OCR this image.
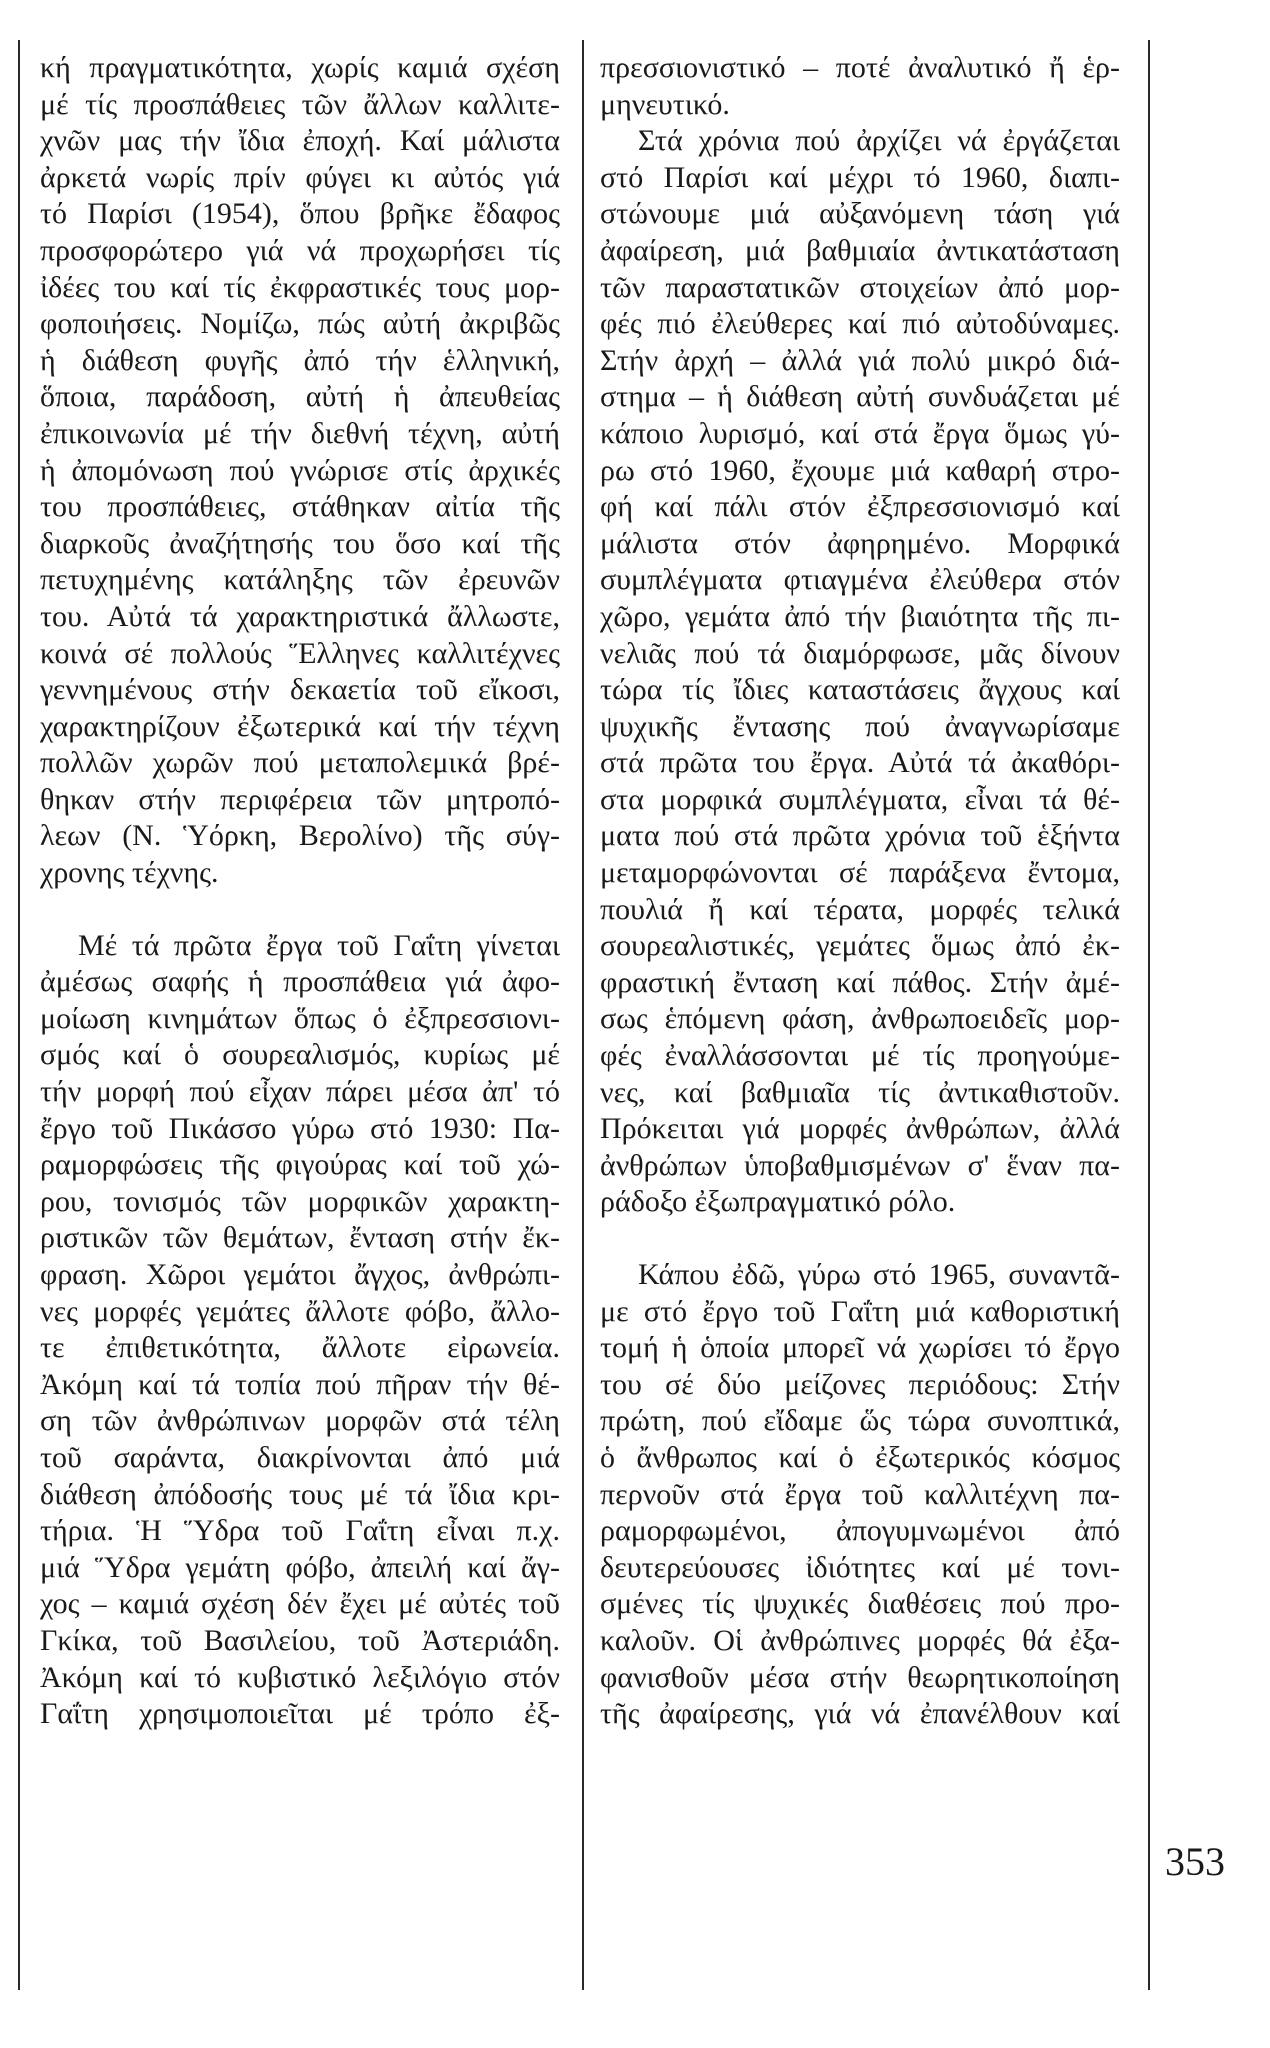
κή πραγματικότητα, χωρίς καμιά σχέση
μέ τίς προσπάθειες τῶν ἄλλων καλλιτε-
χνῶν μας τήν ἴδια ἐποχή. Καί μάλιστα
ἀρκετά νωρίς πρίν φύγει κι αὐτός γιά
τό Παρίσι (1954), ὅπου βρῆκε ἔδαφος
προσφορώτερο γιά νά προχωρήσει τίς
ἰδέες του καί τίς ἐκφραστικές τους μορ-
φοποιήσεις. Νομίζω, πώς αὐτή ἀκριβῶς
ἡ διάθεση φυγῆς ἀπό τήν ἑλληνική,
ὅποια, παράδοση, αὐτή ἡ ἀπευθείας
ἐπικοινωνία μέ τήν διεθνή τέχνη, αὐτή
ἡ ἀπομόνωση πού γνώρισε στίς ἀρχικές
του προσπάθειες, στάθηκαν αἰτία τῆς
διαρκοῦς ἀναζήτησής του ὅσο καί τῆς
πετυχημένης κατάληξης τῶν ἐρευνῶν
του. Αὐτά τά χαρακτηριστικά ἄλλωστε,
κοινά σέ πολλούς Ἕλληνες καλλιτέχνες
γεννημένους στήν δεκαετία τοῦ εἴκοσι,
χαρακτηρίζουν ἐξωτερικά καί τήν τέχνη
πολλῶν χωρῶν πού μεταπολεμικά βρέ-
θηκαν στήν περιφέρεια τῶν μητροπό-
λεων (Ν. Ὑόρκη, Βερολίνο) τῆς σύγ-
χρονης τέχνης.
Μέ τά πρῶτα ἔργα τοῦ Γαΐτη γίνεται
ἀμέσως σαφής ἡ προσπάθεια γιά ἀφο-
μοίωση κινημάτων ὅπως ὁ ἐξπρεσσιονι-
σμός καί ὁ σουρεαλισμός, κυρίως μέ
τήν μορφή πού εἶχαν πάρει μέσα ἀπ' τό
ἔργο τοῦ Πικάσσο γύρω στό 1930: Πα-
ραμορφώσεις τῆς φιγούρας καί τοῦ χώ-
ρου, τονισμός τῶν μορφικῶν χαρακτη-
ριστικῶν τῶν θεμάτων, ἔνταση στήν ἔκ-
φραση. Χῶροι γεμάτοι ἄγχος, ἀνθρώπι-
νες μορφές γεμάτες ἄλλοτε φόβο, ἄλλο-
τε ἐπιθετικότητα, ἄλλοτε εἰρωνεία.
Ἀκόμη καί τά τοπία πού πῆραν τήν θέ-
ση τῶν ἀνθρώπινων μορφῶν στά τέλη
τοῦ σαράντα, διακρίνονται ἀπό μιά
διάθεση ἀπόδοσής τους μέ τά ἴδια κρι-
τήρια. Ἡ Ὕδρα τοῦ Γαΐτη εἶναι π.χ.
μιά Ὕδρα γεμάτη φόβο, ἀπειλή καί ἄγ-
χος – καμιά σχέση δέν ἔχει μέ αὐτές τοῦ
Γκίκα, τοῦ Βασιλείου, τοῦ Ἀστεριάδη.
Ἀκόμη καί τό κυβιστικό λεξιλόγιο στόν
Γαΐτη χρησιμοποιεῖται μέ τρόπο ἐξ-
πρεσσιονιστικό – ποτέ ἀναλυτικό ἤ ἑρ-
μηνευτικό.
Στά χρόνια πού ἀρχίζει νά ἐργάζεται
στό Παρίσι καί μέχρι τό 1960, διαπι-
στώνουμε μιά αὐξανόμενη τάση γιά
ἀφαίρεση, μιά βαθμιαία ἀντικατάσταση
τῶν παραστατικῶν στοιχείων ἀπό μορ-
φές πιό ἐλεύθερες καί πιό αὐτοδύναμες.
Στήν ἀρχή – ἀλλά γιά πολύ μικρό διά-
στημα – ἡ διάθεση αὐτή συνδυάζεται μέ
κάποιο λυρισμό, καί στά ἔργα ὅμως γύ-
ρω στό 1960, ἔχουμε μιά καθαρή στρο-
φή καί πάλι στόν ἐξπρεσσιονισμό καί
μάλιστα στόν ἀφηρημένο. Μορφικά
συμπλέγματα φτιαγμένα ἐλεύθερα στόν
χῶρο, γεμάτα ἀπό τήν βιαιότητα τῆς πι-
νελιᾶς πού τά διαμόρφωσε, μᾶς δίνουν
τώρα τίς ἴδιες καταστάσεις ἄγχους καί
ψυχικῆς ἔντασης πού ἀναγνωρίσαμε
στά πρῶτα του ἔργα. Αὐτά τά ἀκαθόρι-
στα μορφικά συμπλέγματα, εἶναι τά θέ-
ματα πού στά πρῶτα χρόνια τοῦ ἑξήντα
μεταμορφώνονται σέ παράξενα ἔντομα,
πουλιά ἤ καί τέρατα, μορφές τελικά
σουρεαλιστικές, γεμάτες ὅμως ἀπό ἐκ-
φραστική ἔνταση καί πάθος. Στήν ἀμέ-
σως ἑπόμενη φάση, ἀνθρωποειδεῖς μορ-
φές ἐναλλάσσονται μέ τίς προηγούμε-
νες, καί βαθμιαῖα τίς ἀντικαθιστοῦν.
Πρόκειται γιά μορφές ἀνθρώπων, ἀλλά
ἀνθρώπων ὑποβαθμισμένων σ' ἕναν πα-
ράδοξο ἐξωπραγματικό ρόλο.
Κάπου ἐδῶ, γύρω στό 1965, συναντᾶ-
με στό ἔργο τοῦ Γαΐτη μιά καθοριστική
τομή ἡ ὁποία μπορεῖ νά χωρίσει τό ἔργο
του σέ δύο μείζονες περιόδους: Στήν
πρώτη, πού εἴδαμε ὥς τώρα συνοπτικά,
ὁ ἄνθρωπος καί ὁ ἐξωτερικός κόσμος
περνοῦν στά ἔργα τοῦ καλλιτέχνη πα-
ραμορφωμένοι, ἀπογυμνωμένοι ἀπό
δευτερεύουσες ἰδιότητες καί μέ τονι-
σμένες τίς ψυχικές διαθέσεις πού προ-
καλοῦν. Οἱ ἀνθρώπινες μορφές θά ἐξα-
φανισθοῦν μέσα στήν θεωρητικοποίηση
τῆς ἀφαίρεσης, γιά νά ἐπανέλθουν καί
353
